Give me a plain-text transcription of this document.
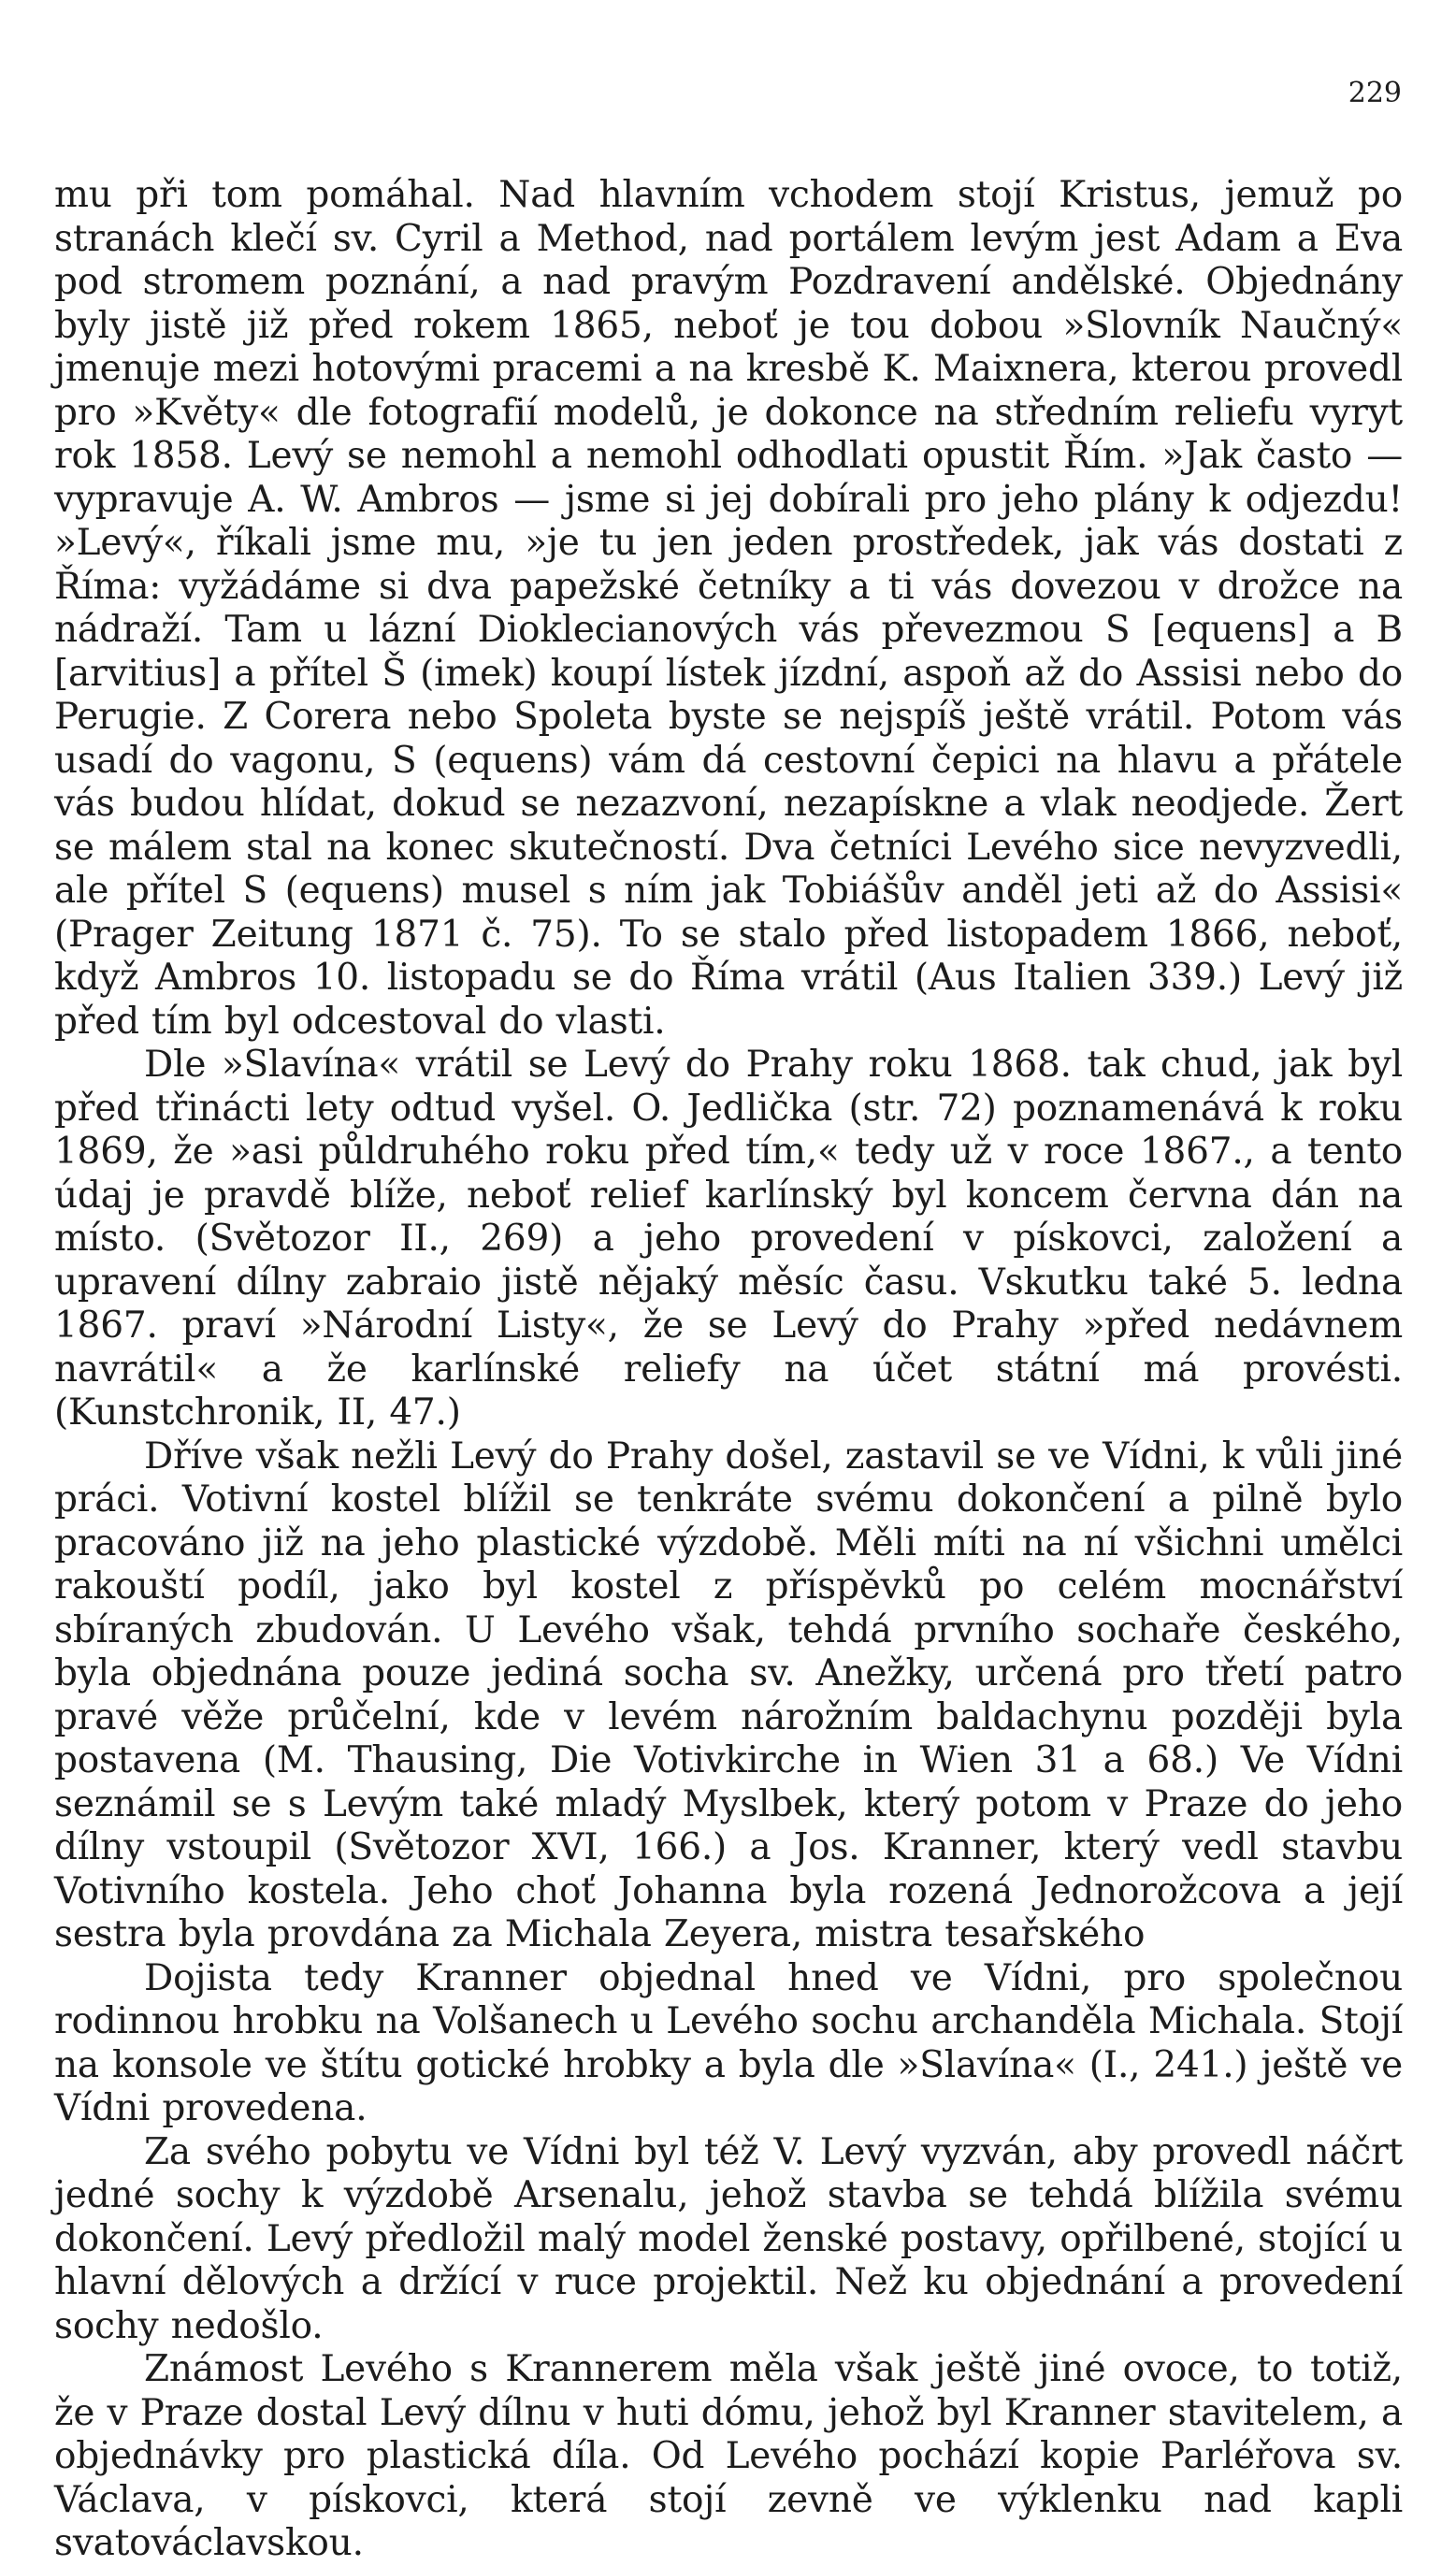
229

mu při tom pomáhal. Nad hlavním vchodem stojí Kristus, jemuž po stranách klečí sv. Cyril a Method, nad portálem levým jest Adam a Eva pod stromem poznání, a nad pravým Pozdravení andělské. Objednány byly jistě již před rokem 1865, neboť je tou dobou »Slovník Naučný« jmenuje mezi hotovými pracemi a na kresbě K. Maixnera, kterou provedl pro »Květy« dle fotografií modelů, je dokonce na středním reliefu vyryt rok 1858. Levý se nemohl a nemohl odhodlati opustit Řím. »Jak často — vypravuje A. W. Ambros — jsme si jej dobírali pro jeho plány k odjezdu! »Levý«, říkali jsme mu, »je tu jen jeden prostředek, jak vás dostati z Říma: vyžádáme si dva papežské četníky a ti vás dovezou v drožce na nádraží. Tam u lázní Dioklecianových vás převezmou S [equens] a B [arvitius] a přítel Š (imek) koupí lístek jízdní, aspoň až do Assisi nebo do Perugie. Z Corera nebo Spoleta byste se nejspíš ještě vrátil. Potom vás usadí do vagonu, S (equens) vám dá cestovní čepici na hlavu a přátele vás budou hlídat, dokud se nezazvoní, nezapískne a vlak neodjede. Žert se málem stal na konec skutečností. Dva četníci Levého sice nevyzvedli, ale přítel S (equens) musel s ním jak Tobiášův anděl jeti až do Assisi« (Prager Zeitung 1871 č. 75). To se stalo před listopadem 1866, neboť, když Ambros 10. listopadu se do Říma vrátil (Aus Italien 339.) Levý již před tím byl odcestoval do vlasti.

Dle »Slavína« vrátil se Levý do Prahy roku 1868. tak chud, jak byl před třinácti lety odtud vyšel. O. Jedlička (str. 72) poznamenává k roku 1869, že »asi půldruhého roku před tím,« tedy už v roce 1867., a tento údaj je pravdě blíže, neboť relief karlínský byl koncem června dán na místo. (Světozor II., 269) a jeho provedení v pískovci, založení a upravení dílny zabraio jistě nějaký měsíc času. Vskutku také 5. ledna 1867. praví »Národní Listy«, že se Levý do Prahy »před nedávnem navrátil« a že karlínské reliefy na účet státní má provésti. (Kunstchronik, II, 47.)

Dříve však nežli Levý do Prahy došel, zastavil se ve Vídni, k vůli jiné práci. Votivní kostel blížil se tenkráte svému dokončení a pilně bylo pracováno již na jeho plastické výzdobě. Měli míti na ní všichni umělci rakouští podíl, jako byl kostel z příspěvků po celém mocnářství sbíraných zbudován. U Levého však, tehdá prvního sochaře českého, byla objednána pouze jediná socha sv. Anežky, určená pro třetí patro pravé věže průčelní, kde v levém nárožním baldachynu později byla postavena (M. Thausing, Die Votivkirche in Wien 31 a 68.) Ve Vídni seznámil se s Levým také mladý Myslbek, který potom v Praze do jeho dílny vstoupil (Světozor XVI, 166.) a Jos. Kranner, který vedl stavbu Votivního kostela. Jeho choť Johanna byla rozená Jednorožcova a její sestra byla provdána za Michala Zeyera, mistra tesařského

Dojista tedy Kranner objednal hned ve Vídni, pro společnou rodinnou hrobku na Volšanech u Levého sochu archanděla Michala. Stojí na konsole ve štítu gotické hrobky a byla dle »Slavína« (I., 241.) ještě ve Vídni provedena.

Za svého pobytu ve Vídni byl též V. Levý vyzván, aby provedl náčrt jedné sochy k výzdobě Arsenalu, jehož stavba se tehdá blížila svému dokončení. Levý předložil malý model ženské postavy, opřilbené, stojící u hlavní dělových a držící v ruce projektil. Než ku objednání a provedení sochy nedošlo.

Známost Levého s Krannerem měla však ještě jiné ovoce, to totiž, že v Praze dostal Levý dílnu v huti dómu, jehož byl Kranner stavitelem, a objednávky pro plastická díla. Od Levého pochází kopie Parléřova sv. Václava, v pískovci, která stojí zevně ve výklenku nad kapli svatováclavskou.
